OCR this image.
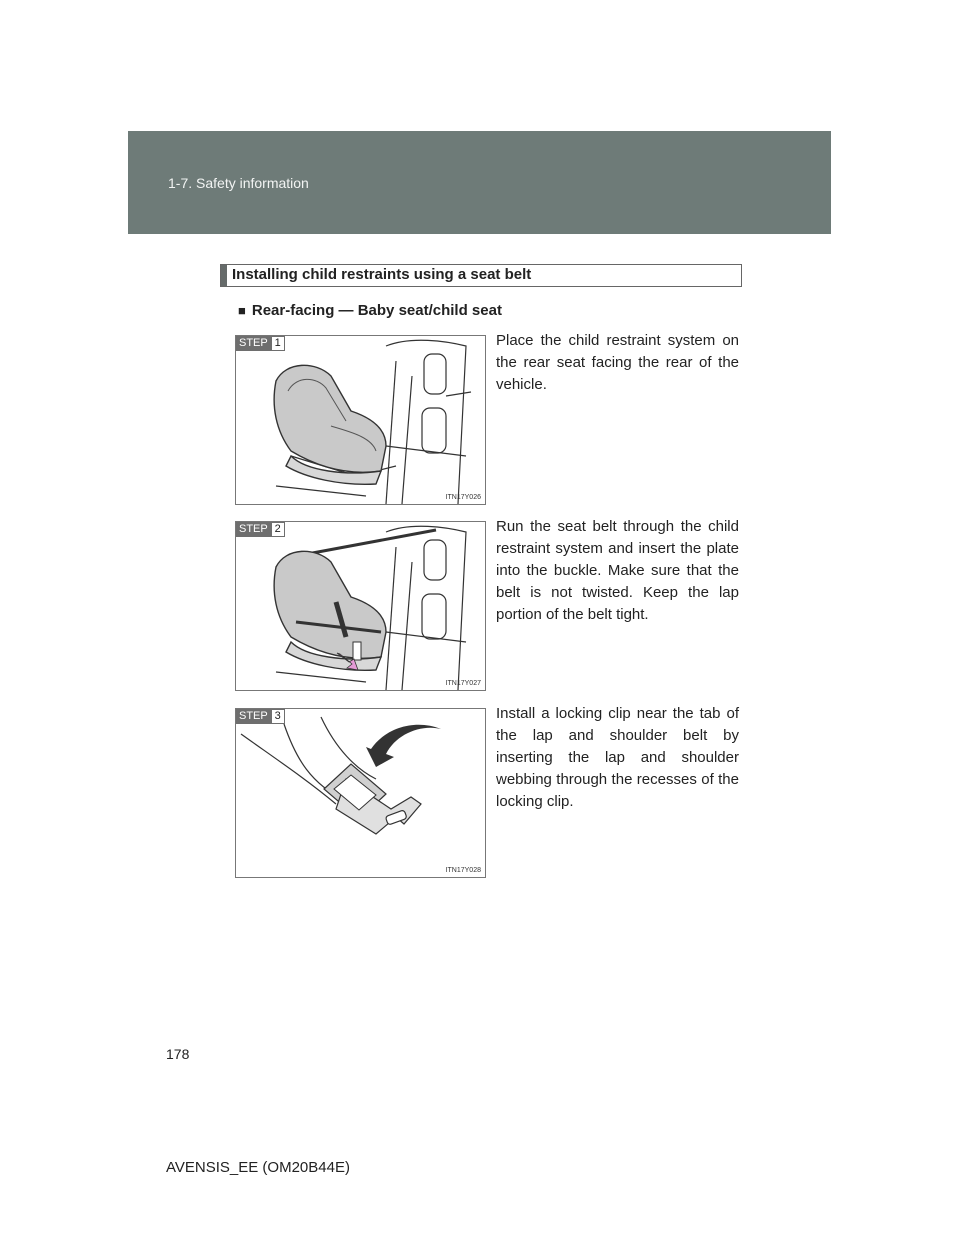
1-7. Safety information
Installing child restraints using a seat belt
■ Rear-facing — Baby seat/child seat
STEP 1
ITN17Y026
Place the child restraint system on the rear seat facing the rear of the vehicle.
STEP 2
ITN17Y027
Run the seat belt through the child restraint system and insert the plate into the buckle. Make sure that the belt is not twisted. Keep the lap portion of the belt tight.
STEP 3
ITN17Y028
Install a locking clip near the tab of the lap and shoulder belt by inserting the lap and shoulder webbing through the recesses of the locking clip.
178
AVENSIS_EE (OM20B44E)
